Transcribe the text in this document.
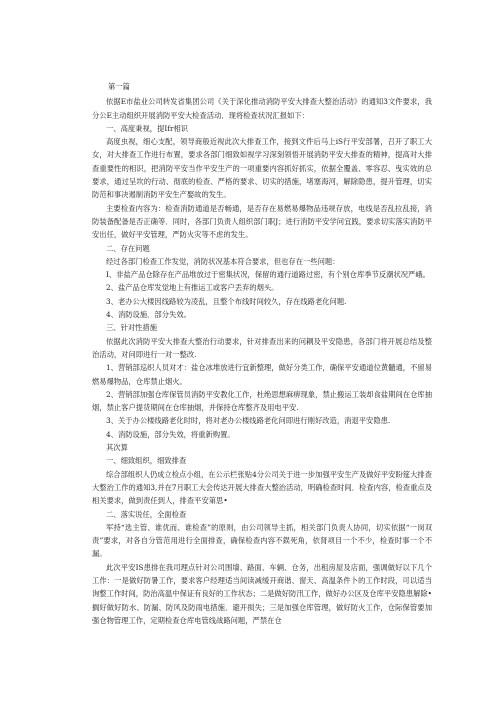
第一篇

依据E市盐业公司转发省集团公司《关于深化推动消防平安大排查大整治活动》的通知3文件要求，我分公E主动组织开展消防平安大检查活动．现将检查状况汇报如下：

一、高度秉视，提Ifr相识

高度虫视，细心支配，领导商般近视此次大排查工作，接到文件后马上iS行平安部署，召开了职工大女，对大排查工作进行布置，要求各部门细致如视学习深刻领悟开展消防平安大排查的精神，提高对大排查重要性的相识，把消防平安当作平安生产的一项重要内容抓好抓实，依据全覆盖、零容忍、曳实效的总要求，通过呈坎的行动、彻底的检查、严格的要求、切实的措施，堵塞海河，解除隐患，提升管理，切实防范和事决遏制消防平安生产娶故的发生。

主要检查内容为：检查消防通道是否畅通，是否存在易燃易爆物品违规存放，电线是否乱拉乱接，消防装备配备是否正确等．同时，各部门负责人组织部门职J；进行消防平安学问宜践，要求切实落实消防平安出任，做好平安管理，严防火灾等不虑的发生。

二、存在问题

经过各部门检查工作发觉，消防状况基本符合要求，但也存在一些问题：

I、非盐产品仓除存在产品堆放过于密集状况，保留的通行道路过密，有个别仓库季节反潮状况严峨。

2、盐产品仓库发觉地上有推运工或客户丢弃的烟头。

3、老办公大楼因线路较为凌乱，且整个布线时间较久，存在线路老化问题.

4、消防设施．部分失效。

三、针对性措施

依据此次消防平安大排查大整治行动要求，针对排查出来的问耦及平安隐患，各部门将开展总结及整治活动，对问即进行一对一整改.

1、营销部巡织人员对才：盐仓冰堆放进行宜新整理，做好分类工作，确保平安通道位黄髓通，不留易燃易爆物品，仓库禁止烟火。

2、营销部加强仓库保管员消防平安教化工作，杜绝思想麻痹现象，禁止搬运工装却食盐期间在仓库抽烟，禁止客户提货期间在仓库抽烟，并保持仓库整齐及用电平安.

3、关于办公楼线路老化时时，将对老办公楼线路老化问即进行刚好改造，消退平安隐患.

4、消防设施，部分失效，将重新购置。

其次算

一、细致组织，细致排查

综合部组织人仍成立检点小组，在公示栏张贴4分公司关于进一步加强平安生产及做好平安盼筵大排查大整治工作的通知3,并在7月职工大会传达开展大排查大整治活动，明确检查时间．检查内容，检查重点及相关要求，做到责任到人，排查平安第思•

二、落实说任，全面检查

军持“选主管、谁优而、谁检查”的原则，由公司领导主抓，相关部门负责人协同，切实依据“一岗双责”要求，对各自分管范用进行全面排查，确保检查内容不鋘死角，依肾项目一个不少，检查时事一个不漏。

此次平安IS患排在我司理点针对公司围墙、路面、车辆、仓务，出租房屋及店面，强调做好以下几个工作：一是做好防暑工作，要求客户经理适当间读减缓开商谐、窗天、高温条件卜的工作时段，可以适当询整工作时间，防治高温中保证有良好的工作状态；二是做好防汛工作，做好办公区及仓库平安隐患解除•搁好做好防水、防漏、防风及防雨电措施．避开损失；三是加强仓库管理，做好防火工作，仓际保管要加强仓物管理工作，定期检查仓库电管线战路问题，严禁在仓
